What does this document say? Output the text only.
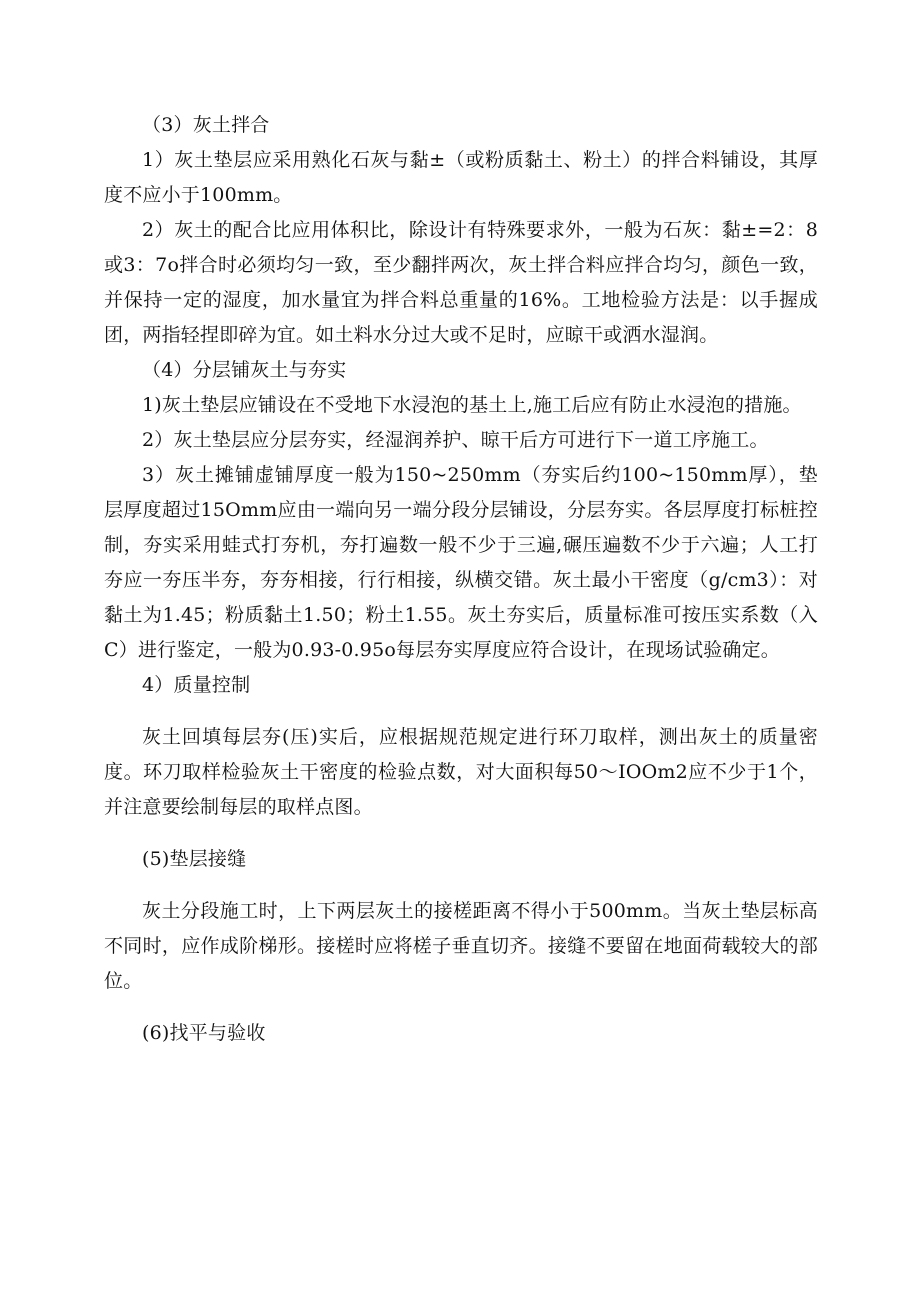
（3）灰土拌合

1）灰土垫层应采用熟化石灰与黏±（或粉质黏土、粉土）的拌合料铺设，其厚度不应小于100mm。

2）灰土的配合比应用体积比，除设计有特殊要求外，一般为石灰：黏±=2：8或3：7o拌合时必须均匀一致，至少翻拌两次，灰土拌合料应拌合均匀，颜色一致，并保持一定的湿度，加水量宜为拌合料总重量的16%。工地检验方法是：以手握成团，两指轻捏即碎为宜。如土料水分过大或不足时，应晾干或洒水湿润。

（4）分层铺灰土与夯实

1)灰土垫层应铺设在不受地下水浸泡的基土上,施工后应有防止水浸泡的措施。

2）灰土垫层应分层夯实，经湿润养护、晾干后方可进行下一道工序施工。

3）灰土摊铺虚铺厚度一般为150~250mm（夯实后约100~150mm厚），垫层厚度超过15Omm应由一端向另一端分段分层铺设，分层夯实。各层厚度打标桩控制，夯实采用蛙式打夯机，夯打遍数一般不少于三遍,碾压遍数不少于六遍；人工打夯应一夯压半夯，夯夯相接，行行相接，纵横交错。灰土最小干密度（g/cm3）：对黏土为1.45；粉质黏土1.50；粉土1.55。灰土夯实后，质量标准可按压实系数（入C）进行鉴定，一般为0.93-0.95o每层夯实厚度应符合设计，在现场试验确定。

4）质量控制

灰土回填每层夯(压)实后，应根据规范规定进行环刀取样，测出灰土的质量密度。环刀取样检验灰土干密度的检验点数，对大面积每50～IOOm2应不少于1个，并注意要绘制每层的取样点图。

(5)垫层接缝

灰土分段施工时，上下两层灰土的接槎距离不得小于500mm。当灰土垫层标高不同时，应作成阶梯形。接槎时应将槎子垂直切齐。接缝不要留在地面荷载较大的部位。

(6)找平与验收
